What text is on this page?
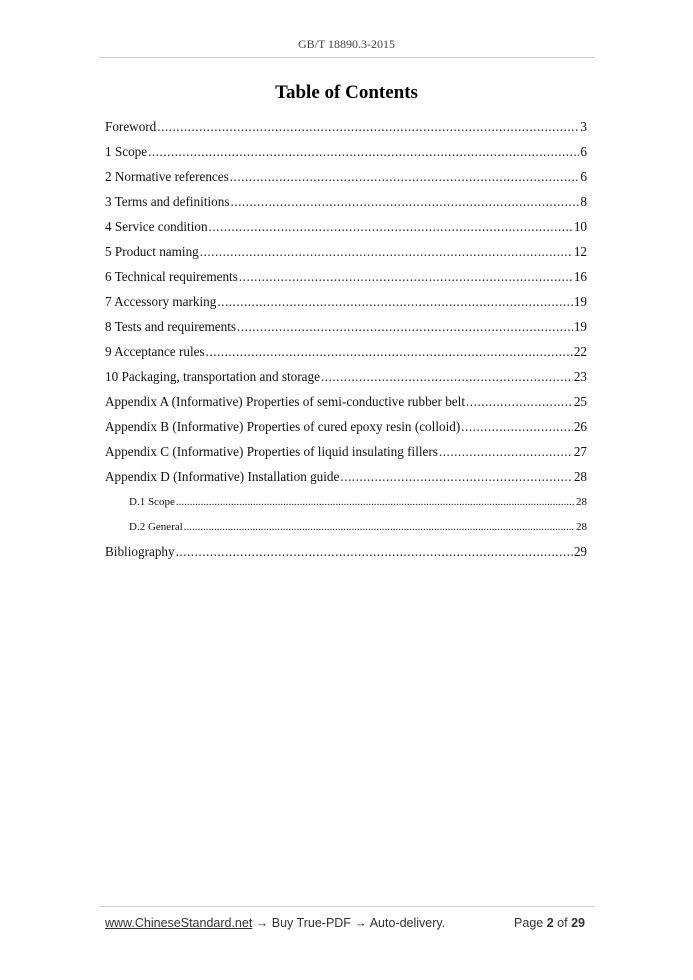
GB/T 18890.3-2015
Table of Contents
Foreword .....	3
1 Scope .....	6
2 Normative references .....	6
3 Terms and definitions .....	8
4 Service condition .....	10
5 Product naming .....	12
6 Technical requirements .....	16
7 Accessory marking .....	19
8 Tests and requirements .....	19
9 Acceptance rules .....	22
10 Packaging, transportation and storage .....	23
Appendix A (Informative) Properties of semi-conductive rubber belt .....	25
Appendix B (Informative) Properties of cured epoxy resin (colloid) .....	26
Appendix C (Informative) Properties of liquid insulating fillers .....	27
Appendix D (Informative) Installation guide .....	28
D.1 Scope .....	28
D.2 General .....	28
Bibliography .....	29
www.ChineseStandard.net → Buy True-PDF → Auto-delivery.	Page 2 of 29
